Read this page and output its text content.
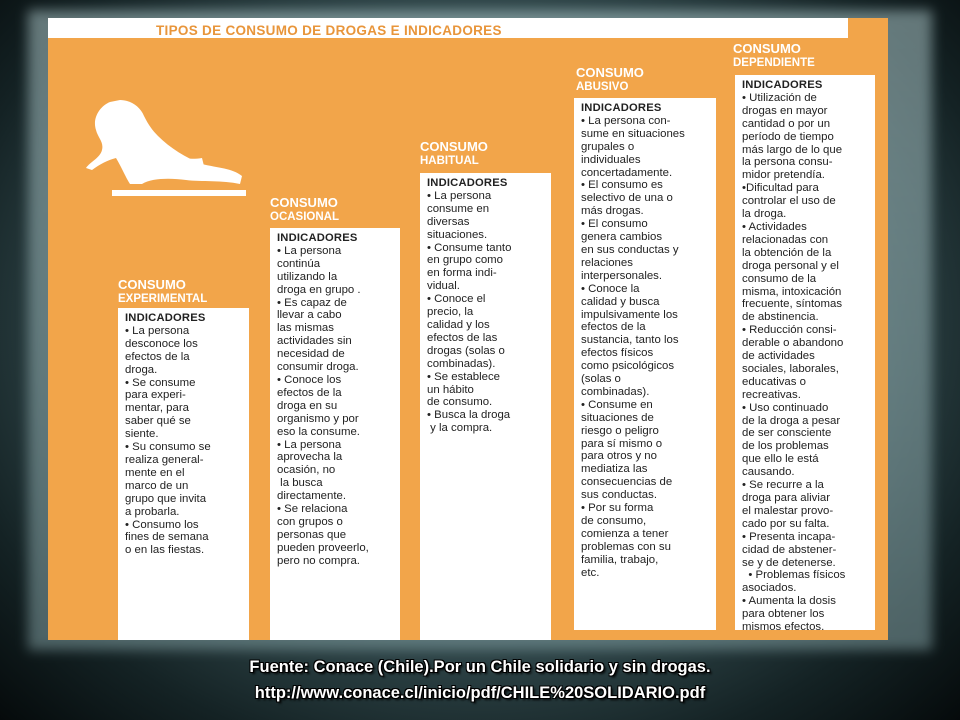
TIPOS DE CONSUMO DE DROGAS E INDICADORES
CONSUMO
EXPERIMENTAL
INDICADORES
• La persona
desconoce los
efectos de la
droga.
• Se consume
para experi-
mentar, para
saber qué se
siente.
• Su consumo se
realiza general-
mente en el
marco de un
grupo que invita
a probarla.
• Consumo los
fines de semana
o en las fiestas.
CONSUMO
OCASIONAL
INDICADORES
• La persona
continúa
utilizando la
droga en grupo .
• Es capaz de
llevar a cabo
las mismas
actividades sin
necesidad de
consumir droga.
• Conoce los
efectos de la
droga en su
organismo y por
eso la consume.
• La persona
aprovecha la
ocasión, no
la busca
directamente.
• Se relaciona
con grupos o
personas que
pueden proveerlo,
pero no compra.
CONSUMO
HABITUAL
INDICADORES
• La persona
consume en
diversas
situaciones.
• Consume tanto
en grupo como
en forma indi-
vidual.
• Conoce el
precio, la
calidad y los
efectos de las
drogas (solas o
combinadas).
• Se establece
un hábito
de consumo.
• Busca la droga
y la compra.
CONSUMO
ABUSIVO
INDICADORES
• La persona con-
sume en situaciones
grupales o
individuales
concertadamente.
• El consumo es
selectivo de una o
más drogas.
• El consumo
genera cambios
en sus conductas y
relaciones
interpersonales.
• Conoce la
calidad y busca
impulsivamente los
efectos de la
sustancia, tanto los
efectos físicos
como psicológicos
(solas o
combinadas).
• Consume en
situaciones de
riesgo o peligro
para sí mismo o
para otros y no
mediatiza las
consecuencias de
sus conductas.
• Por su forma
de consumo,
comienza a tener
problemas con su
familia, trabajo,
etc.
CONSUMO
DEPENDIENTE
INDICADORES
• Utilización de
drogas en mayor
cantidad o por un
período de tiempo
más largo de lo que
la persona consu-
midor pretendía.
•Dificultad para
controlar el uso de
la droga.
• Actividades
relacionadas con
la obtención de la
droga personal y el
consumo de la
misma, intoxicación
frecuente, síntomas
de abstinencia.
• Reducción consi-
derable o abandono
de actividades
sociales, laborales,
educativas o
recreativas.
• Uso continuado
de la droga a pesar
de ser consciente
de los problemas
que ello le está
causando.
• Se recurre a la
droga para aliviar
el malestar provo-
cado por su falta.
• Presenta incapa-
cidad de abstener-
se y de detenerse.
• Problemas físicos
asociados.
• Aumenta la dosis
para obtener los
mismos efectos.
Fuente: Conace (Chile).Por un Chile solidario y sin drogas.
http://www.conace.cl/inicio/pdf/CHILE%20SOLIDARIO.pdf
